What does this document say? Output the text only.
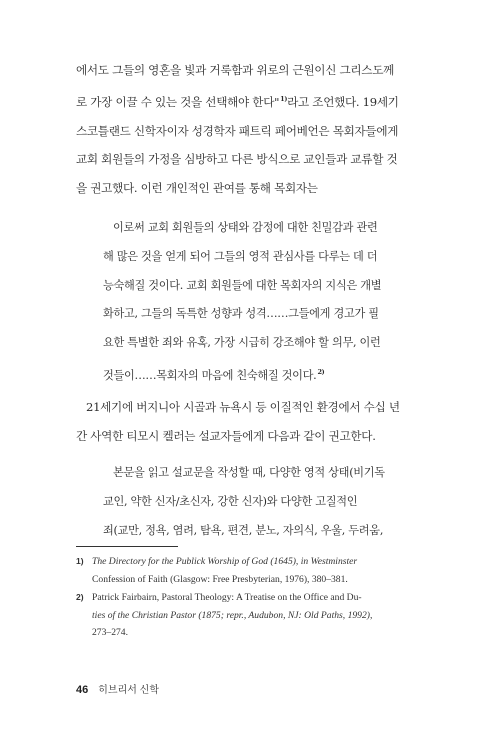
에서도 그들의 영혼을 빛과 거룩함과 위로의 근원이신 그리스도께
로 가장 이끌 수 있는 것을 선택해야 한다"$^{1)}$라고 조언했다. 19세기
스코틀랜드 신학자이자 성경학자 패트릭 페어베언은 목회자들에게
교회 회원들의 가정을 심방하고 다른 방식으로 교인들과 교류할 것
을 권고했다. 이런 개인적인 관여를 통해 목회자는
이로써 교회 회원들의 상태와 감정에 대한 친밀감과 관련
해 많은 것을 얻게 되어 그들의 영적 관심사를 다루는 데 더
능숙해질 것이다. 교회 회원들에 대한 목회자의 지식은 개별
화하고, 그들의 독특한 성향과 성격……그들에게 경고가 필
요한 특별한 죄와 유혹, 가장 시급히 강조해야 할 의무, 이런
것들이……목회자의 마음에 친숙해질 것이다.$^{2)}$
21세기에 버지니아 시골과 뉴욕시 등 이질적인 환경에서 수십 년
간 사역한 티모시 켈러는 설교자들에게 다음과 같이 권고한다.
본문을 읽고 설교문을 작성할 때, 다양한 영적 상태(비기독
교인, 약한 신자/초신자, 강한 신자)와 다양한 고질적인
죄(교만, 정욕, 염려, 탐욕, 편견, 분노, 자의식, 우울, 두려움,
1) The Directory for the Publick Worship of God (1645), in Westminster
Confession of Faith (Glasgow: Free Presbyterian, 1976), 380–381.
2) Patrick Fairbairn, Pastoral Theology: A Treatise on the Office and Du-
ties of the Christian Pastor (1875; repr., Audubon, NJ: Old Paths, 1992),
273–274.
46 히브리서 신학
